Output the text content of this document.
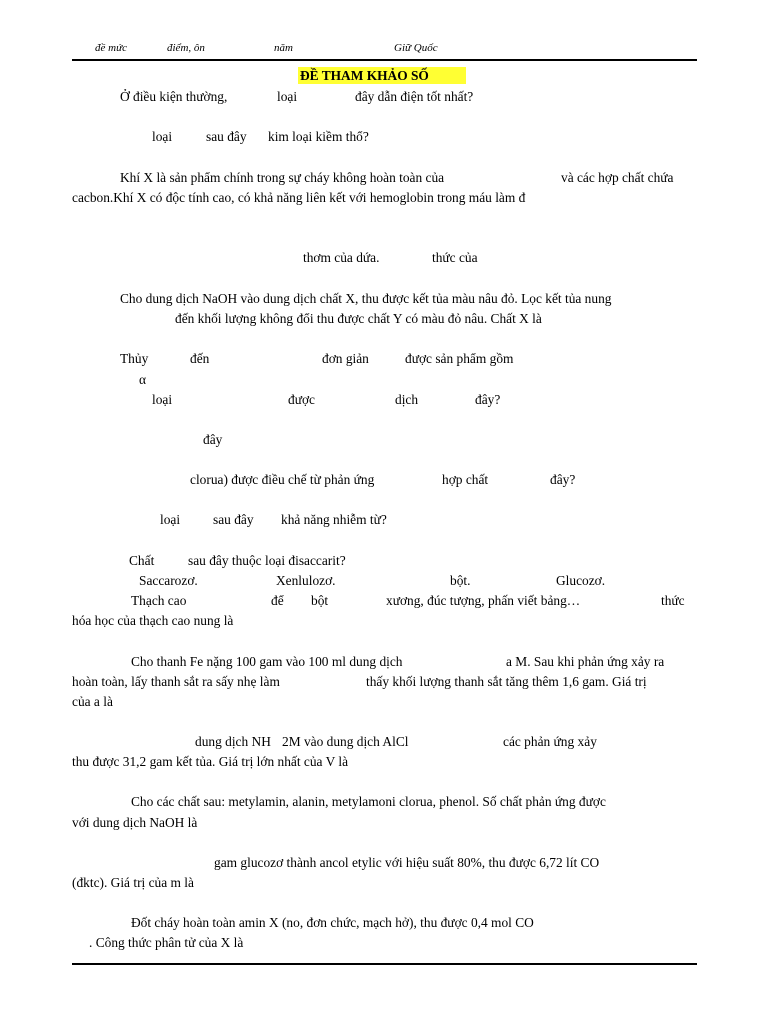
đề mức	điểm, ôn	năm	Giữ Quốc
ĐỀ THAM KHẢO SỐ
Ở điều kiện thường,	loại	đây dẫn điện tốt nhất?
loại	sau đây kim loại kiềm thổ?
Khí X là sản phẩm chính trong sự cháy không hoàn toàn của	và các hợp chất chứa
cacbon.Khí X có độc tính cao, có khả năng liên kết với hemoglobin trong máu làm đ
thơm của dứa.	thức của
Cho dung dịch NaOH vào dung dịch chất X, thu được kết tủa màu nâu đỏ. Lọc kết tủa nung
đến khối lượng không đổi thu được chất Y có màu đỏ nâu. Chất X là
Thủy	đến	đơn giản	được sản phẩm gồm
α
loại	được	dịch	đây?
đây
clorua) được điều chế từ phản ứng	hợp chất	đây?
loại sau đây khả năng nhiễm từ?
Chất	sau đây thuộc loại đisaccarit?
Saccarozơ.	Xenlulozơ.	bột.	Glucozơ.
Thạch cao	để bột	xương, đúc tượng, phấn viết bảng…	thức
hóa học của thạch cao nung là
Cho thanh Fe nặng 100 gam vào 100 ml dung dịch	a M. Sau khi phản ứng xảy ra
hoàn toàn, lấy thanh sắt ra sấy nhẹ làm	thấy khối lượng thanh sắt tăng thêm 1,6 gam. Giá trị
của a là
dung dịch NH 2M vào dung dịch AlCl	các phản ứng xảy
thu được 31,2 gam kết tủa. Giá trị lớn nhất của V là
Cho các chất sau: metylamin, alanin, metylamoni clorua, phenol. Số chất phản ứng được
với dung dịch NaOH là
gam glucozơ thành ancol etylic với hiệu suất 80%, thu được 6,72 lít CO
(đktc). Giá trị của m là
Đốt cháy hoàn toàn amin X (no, đơn chức, mạch hở), thu được 0,4 mol CO
. Công thức phân tử của X là
